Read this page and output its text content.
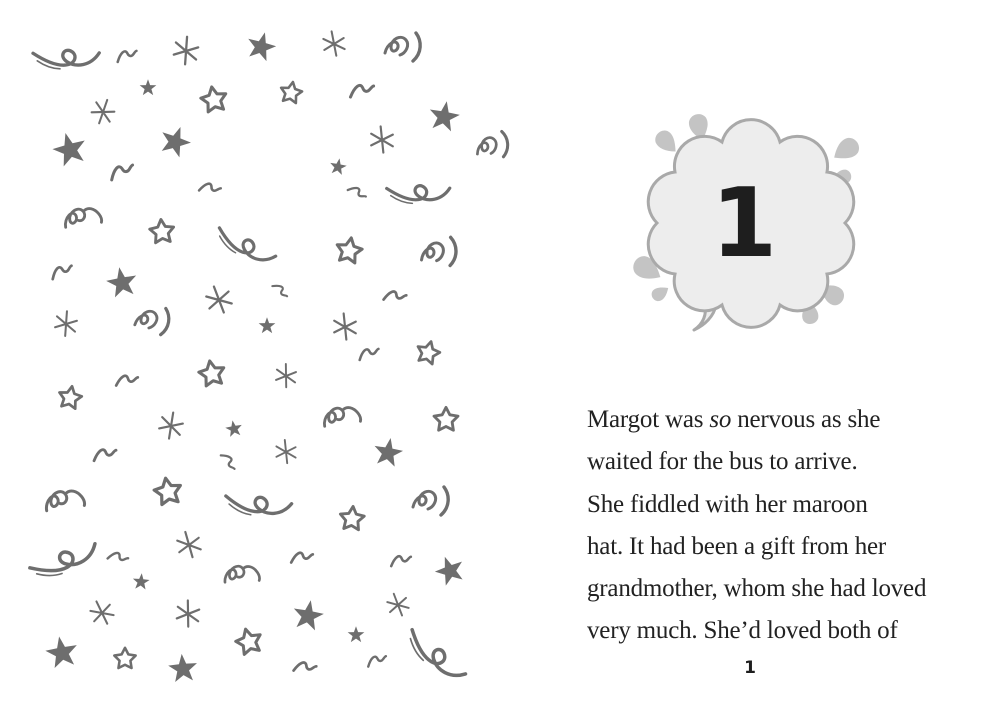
1
Margot was so nervous as she
waited for the bus to arrive.
She fiddled with her maroon
hat. It had been a gift from her
grandmother, whom she had loved
very much. She’d loved both of
1
